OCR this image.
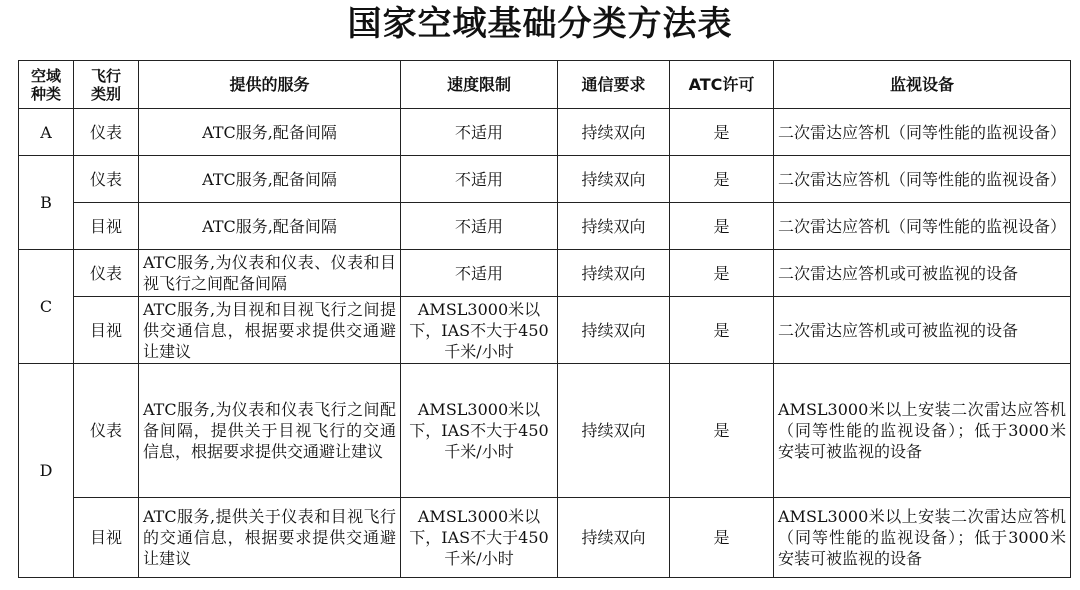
国家空域基础分类方法表
空域种类	飞行类别	提供的服务	速度限制	通信要求	ATC许可	监视设备
A	仪表	ATC服务,配备间隔	不适用	持续双向	是	二次雷达应答机（同等性能的监视设备）
B	仪表	ATC服务,配备间隔	不适用	持续双向	是	二次雷达应答机（同等性能的监视设备）
	目视	ATC服务,配备间隔	不适用	持续双向	是	二次雷达应答机（同等性能的监视设备）
C	仪表	ATC服务,为仪表和仪表、仪表和目视飞行之间配备间隔	不适用	持续双向	是	二次雷达应答机或可被监视的设备
	目视	ATC服务,为目视和目视飞行之间提供交通信息，根据要求提供交通避让建议	AMSL3000米以下，IAS不大于450千米/小时	持续双向	是	二次雷达应答机或可被监视的设备
D	仪表	ATC服务,为仪表和仪表飞行之间配备间隔，提供关于目视飞行的交通信息，根据要求提供交通避让建议	AMSL3000米以下，IAS不大于450千米/小时	持续双向	是	AMSL3000米以上安装二次雷达应答机（同等性能的监视设备）；低于3000米安装可被监视的设备
	目视	ATC服务,提供关于仪表和目视飞行的交通信息，根据要求提供交通避让建议	AMSL3000米以下，IAS不大于450千米/小时	持续双向	是	AMSL3000米以上安装二次雷达应答机（同等性能的监视设备）；低于3000米安装可被监视的设备
